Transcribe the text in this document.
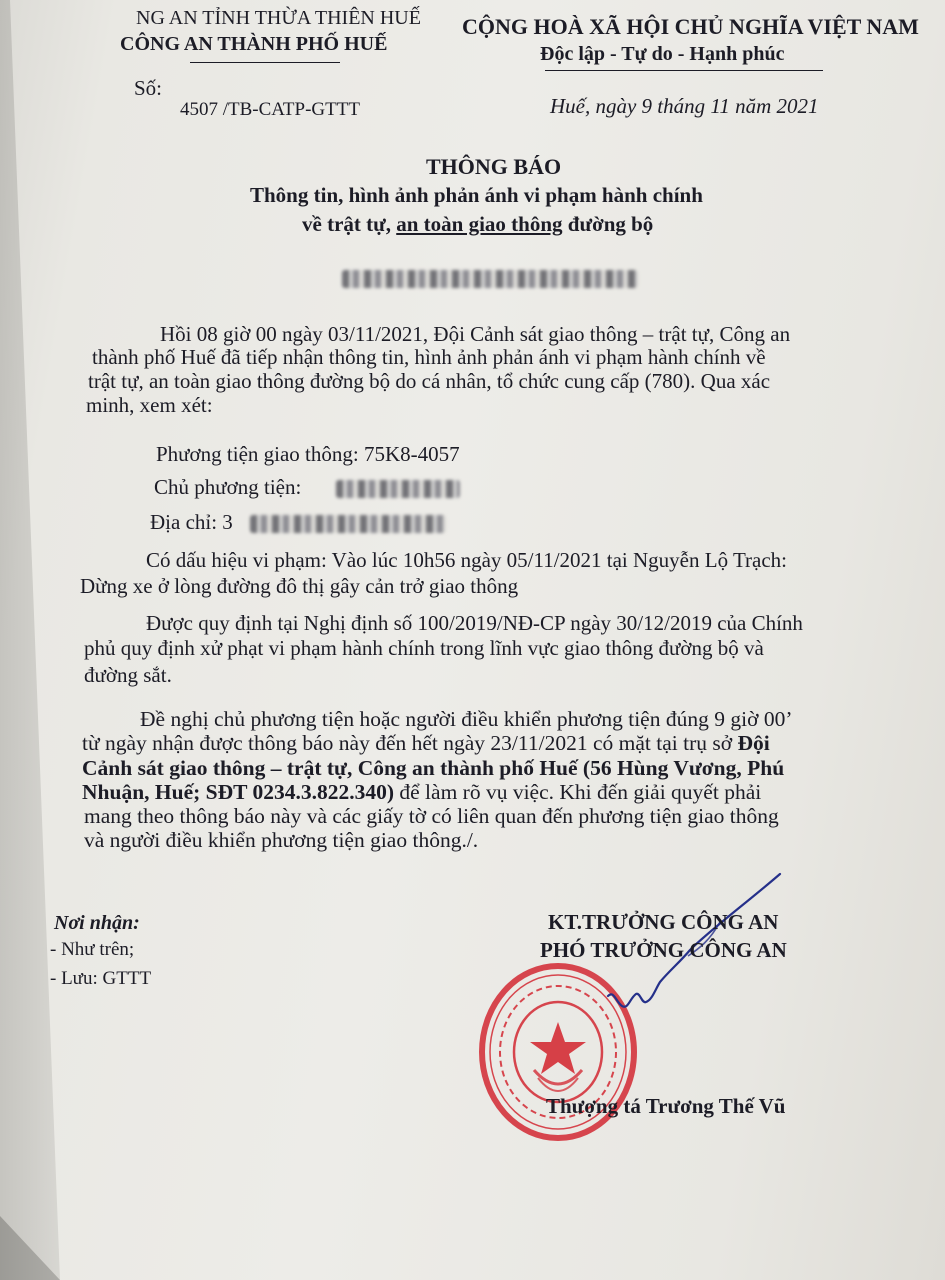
NG AN TỈNH THỪA THIÊN HUẾ
CÔNG AN THÀNH PHỐ HUẾ
Số:
4507 /TB-CATP-GTTT
CỘNG HOÀ XÃ HỘI CHỦ NGHĨA VIỆT NAM
Độc lập - Tự do - Hạnh phúc
Huế, ngày 9 tháng 11 năm 2021
THÔNG BÁO
Thông tin, hình ảnh phản ánh vi phạm hành chính
về trật tự, an toàn giao thông đường bộ
Hồi 08 giờ 00 ngày 03/11/2021, Đội Cảnh sát giao thông – trật tự, Công an
thành phố Huế đã tiếp nhận thông tin, hình ảnh phản ánh vi phạm hành chính về
trật tự, an toàn giao thông đường bộ do cá nhân, tổ chức cung cấp (780). Qua xác
minh, xem xét:
Phương tiện giao thông: 75K8-4057
Chủ phương tiện:
Địa chỉ: 3
Có dấu hiệu vi phạm: Vào lúc 10h56 ngày 05/11/2021 tại Nguyễn Lộ Trạch:
Dừng xe ở lòng đường đô thị gây cản trở giao thông
Được quy định tại Nghị định số 100/2019/NĐ-CP ngày 30/12/2019 của Chính
phủ quy định xử phạt vi phạm hành chính trong lĩnh vực giao thông đường bộ và
đường sắt.
Đề nghị chủ phương tiện hoặc người điều khiển phương tiện đúng 9 giờ 00’
từ ngày nhận được thông báo này đến hết ngày 23/11/2021 có mặt tại trụ sở Đội
Cảnh sát giao thông – trật tự, Công an thành phố Huế (56 Hùng Vương, Phú
Nhuận, Huế; SĐT 0234.3.822.340) để làm rõ vụ việc. Khi đến giải quyết phải
mang theo thông báo này và các giấy tờ có liên quan đến phương tiện giao thông
và người điều khiển phương tiện giao thông./.
Nơi nhận:
- Như trên;
- Lưu: GTTT
KT.TRƯỞNG CÔNG AN
PHÓ TRƯỞNG CÔNG AN
Thượng tá Trương Thế Vũ
